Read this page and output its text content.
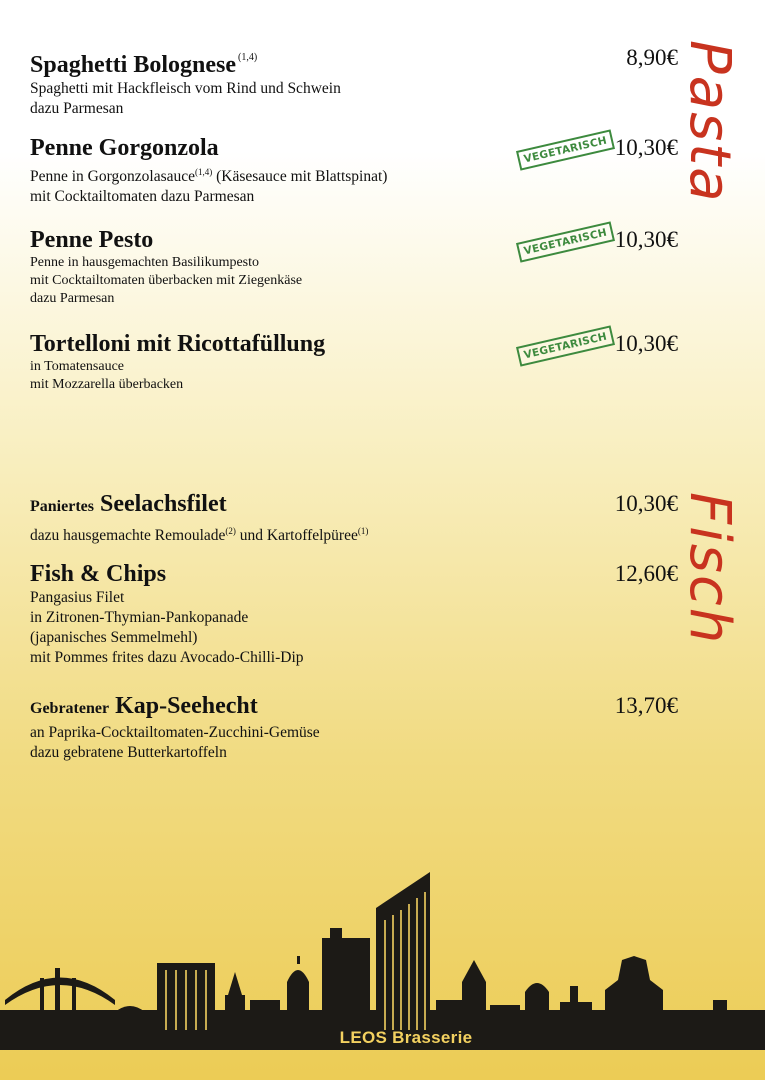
Pasta
Spaghetti Bolognese $^{(1,4)}$	8,90€
Spaghetti mit Hackfleisch vom Rind und Schwein
dazu Parmesan
Penne Gorgonzola	VEGETARISCH 10,30€
Penne in Gorgonzolasauce$^{(1,4)}$ (Käsesauce mit Blattspinat)
mit Cocktailtomaten dazu Parmesan
Penne Pesto	VEGETARISCH 10,30€
Penne in hausgemachten Basilikumpesto
mit Cocktailtomaten überbacken mit Ziegenkäse
dazu Parmesan
Tortelloni mit Ricottafüllung	VEGETARISCH 10,30€
in Tomatensauce
mit Mozzarella überbacken
Fisch
Paniertes Seelachsfilet	10,30€
dazu hausgemachte Remoulade$^{(2)}$ und Kartoffelpüree$^{(1)}$
Fish & Chips	12,60€
Pangasius Filet
in Zitronen-Thymian-Pankopanade
(japanisches Semmelmehl)
mit Pommes frites dazu Avocado-Chilli-Dip
Gebratener Kap-Seehecht	13,70€
an Paprika-Cocktailtomaten-Zucchini-Gemüse
dazu gebratene Butterkartoffeln
LEOS Brasserie
